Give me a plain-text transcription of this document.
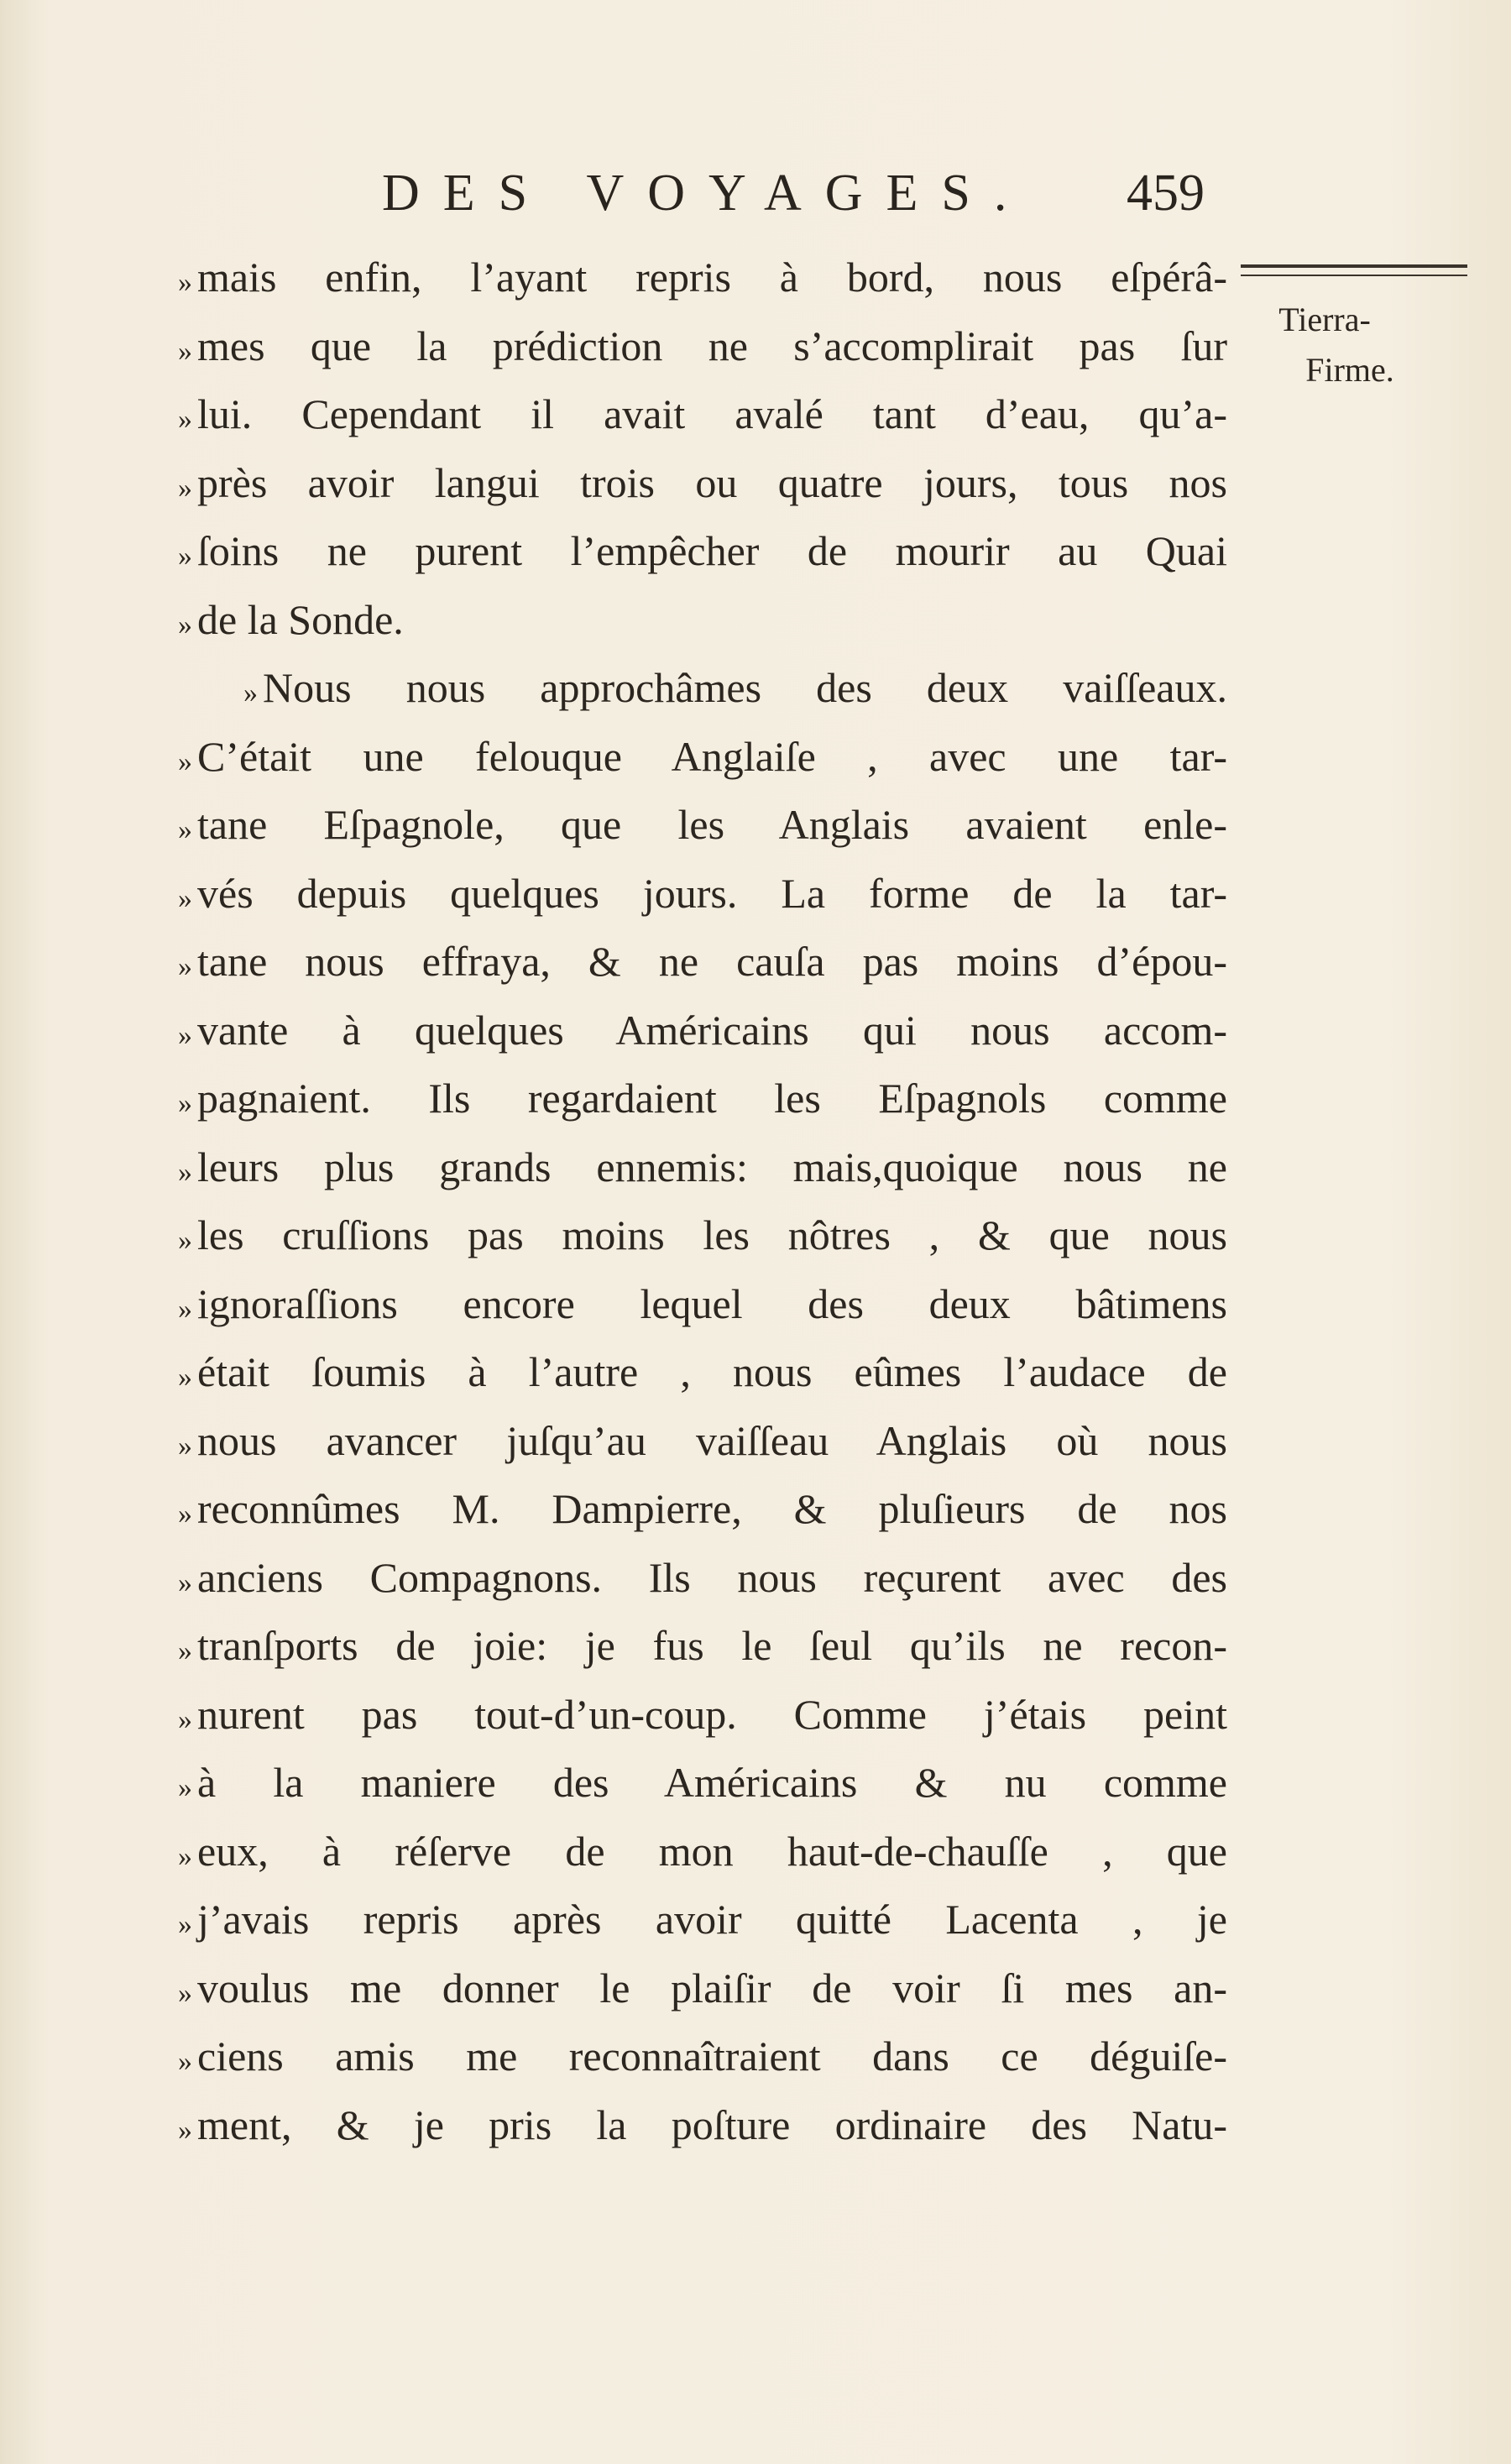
DES VOYAGES. 459
Tierra-
Firme.
» mais enfin, l’ayant repris à bord, nous eſpérâ-
» mes que la prédiction ne s’accomplirait pas ſur
» lui. Cependant il avait avalé tant d’eau, qu’a-
» près avoir langui trois ou quatre jours, tous nos
» ſoins ne purent l’empêcher de mourir au Quai
» de la Sonde.
» Nous nous approchâmes des deux vaiſſeaux.
» C’était une felouque Anglaiſe , avec une tar-
» tane Eſpagnole, que les Anglais avaient enle-
» vés depuis quelques jours. La forme de la tar-
» tane nous effraya, & ne cauſa pas moins d’épou-
» vante à quelques Américains qui nous accom-
» pagnaient. Ils regardaient les Eſpagnols comme
» leurs plus grands ennemis: mais,quoique nous ne
» les cruſſions pas moins les nôtres , & que nous
» ignoraſſions encore lequel des deux bâtimens
» était ſoumis à l’autre , nous eûmes l’audace de
» nous avancer juſqu’au vaiſſeau Anglais où nous
» reconnûmes M. Dampierre, & pluſieurs de nos
» anciens Compagnons. Ils nous reçurent avec des
» tranſports de joie: je fus le ſeul qu’ils ne recon-
» nurent pas tout-d’un-coup. Comme j’étais peint
» à la maniere des Américains & nu comme
» eux, à réſerve de mon haut-de-chauſſe , que
» j’avais repris après avoir quitté Lacenta , je
» voulus me donner le plaiſir de voir ſi mes an-
» ciens amis me reconnaîtraient dans ce déguiſe-
» ment, & je pris la poſture ordinaire des Natu-
